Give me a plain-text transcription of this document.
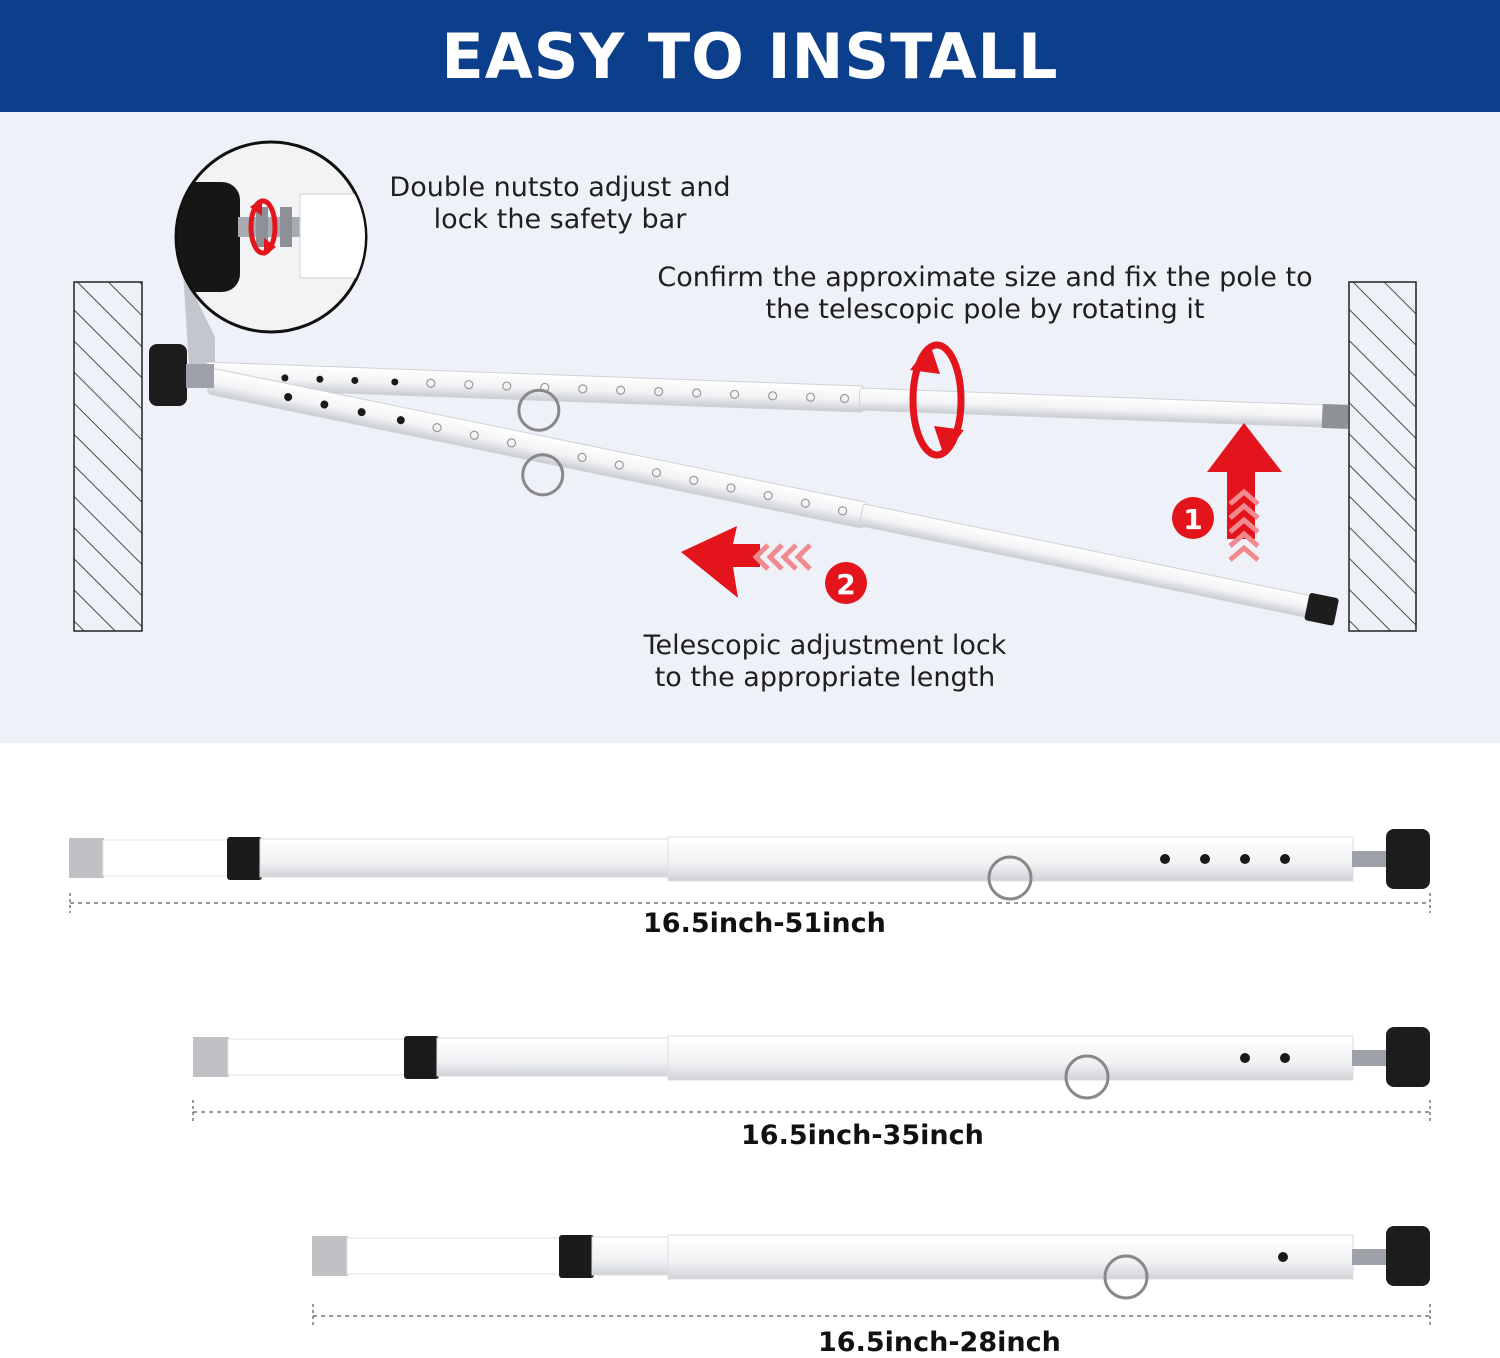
EASY TO INSTALL
1
2
Double nutsto adjust and
lock the safety bar
Confirm the approximate size and fix the pole to
the telescopic pole by rotating it
Telescopic adjustment lock
to the appropriate length
16.5inch-51inch
16.5inch-35inch
16.5inch-28inch
